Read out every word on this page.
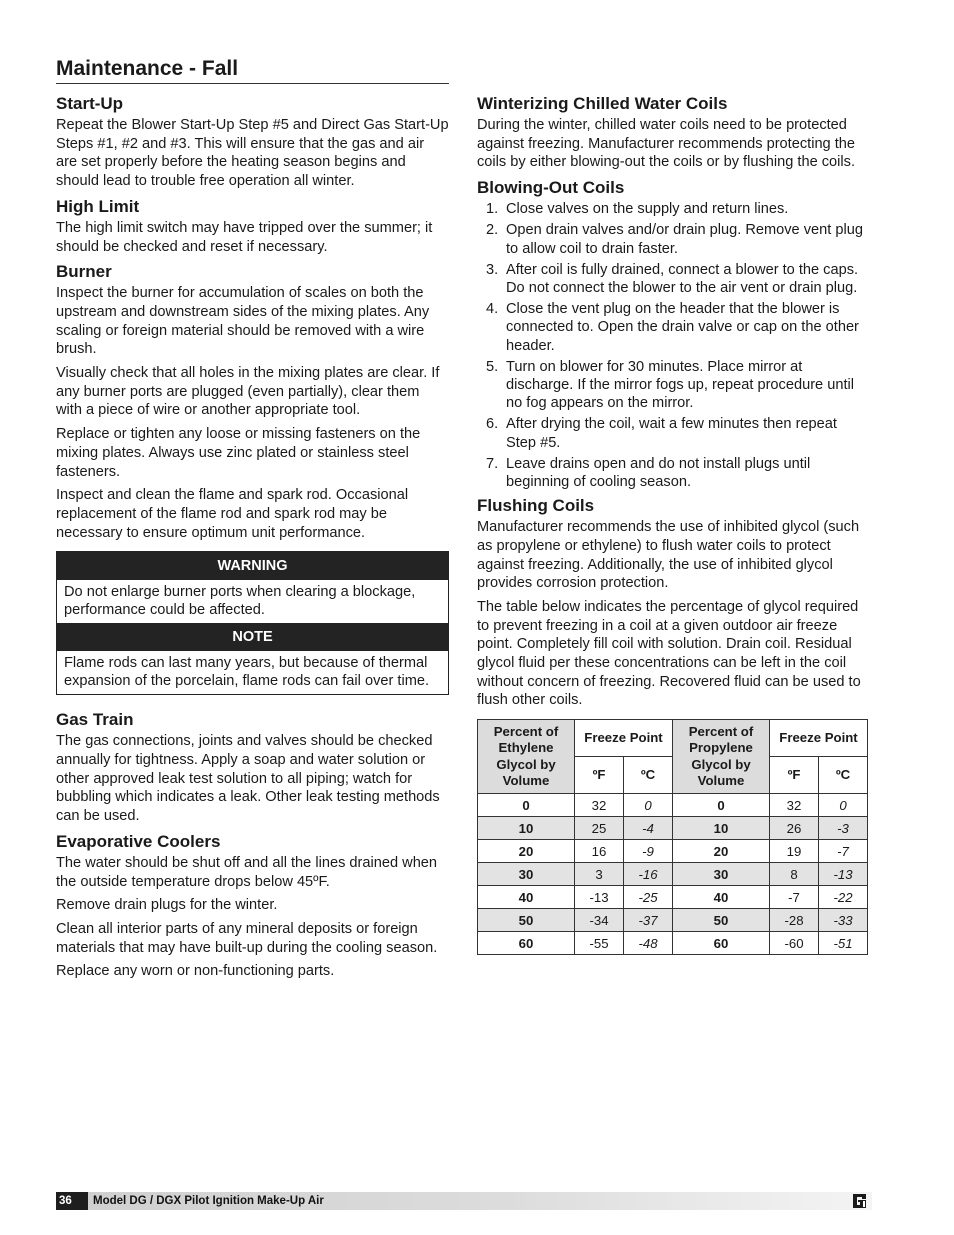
Maintenance - Fall
Start-Up

Repeat the Blower Start-Up Step #5 and Direct Gas Start-Up Steps #1, #2 and #3. This will ensure that the gas and air are set properly before the heating season begins and should lead to trouble free operation all winter.

High Limit

The high limit switch may have tripped over the summer; it should be checked and reset if necessary.

Burner

Inspect the burner for accumulation of scales on both the upstream and downstream sides of the mixing plates. Any scaling or foreign material should be removed with a wire brush.

Visually check that all holes in the mixing plates are clear. If any burner ports are plugged (even partially), clear them with a piece of wire or another appropriate tool.

Replace or tighten any loose or missing fasteners on the mixing plates. Always use zinc plated or stainless steel fasteners.

Inspect and clean the flame and spark rod. Occasional replacement of the flame rod and spark rod may be necessary to ensure optimum unit performance.

WARNING
Do not enlarge burner ports when clearing a blockage, performance could be affected.
NOTE
Flame rods can last many years, but because of thermal expansion of the porcelain, flame rods can fail over time.
Gas Train

The gas connections, joints and valves should be checked annually for tightness. Apply a soap and water solution or other approved leak test solution to all piping; watch for bubbling which indicates a leak. Other leak testing methods can be used.

Evaporative Coolers

The water should be shut off and all the lines drained when the outside temperature drops below 45ºF.

Remove drain plugs for the winter.

Clean all interior parts of any mineral deposits or foreign materials that may have built-up during the cooling season.

Replace any worn or non-functioning parts.

Winterizing Chilled Water Coils

During the winter, chilled water coils need to be protected against freezing. Manufacturer recommends protecting the coils by either blowing-out the coils or by flushing the coils.

Blowing-Out Coils
1. Close valves on the supply and return lines.
2. Open drain valves and/or drain plug. Remove vent plug to allow coil to drain faster.
3. After coil is fully drained, connect a blower to the caps. Do not connect the blower to the air vent or drain plug.
4. Close the vent plug on the header that the blower is connected to. Open the drain valve or cap on the other header.
5. Turn on blower for 30 minutes. Place mirror at discharge. If the mirror fogs up, repeat procedure until no fog appears on the mirror.
6. After drying the coil, wait a few minutes then repeat Step #5.
7. Leave drains open and do not install plugs until beginning of cooling season.
Flushing Coils

Manufacturer recommends the use of inhibited glycol (such as propylene or ethylene) to flush water coils to protect against freezing. Additionally, the use of inhibited glycol provides corrosion protection.

The table below indicates the percentage of glycol required to prevent freezing in a coil at a given outdoor air freeze point. Completely fill coil with solution. Drain coil. Residual glycol fluid per these concentrations can be left in the coil without concern of freezing. Recovered fluid can be used to flush other coils.

Percent of Ethylene Glycol by Volume	Freeze Point		Percent of Propylene Glycol by Volume	Freeze Point	
	ºF	ºC		ºF	ºC
0	32	0	0	32	0
10	25	-4	10	26	-3
20	16	-9	20	19	-7
30	3	-16	30	8	-13
40	-13	-25	40	-7	-22
50	-34	-37	50	-28	-33
60	-55	-48	60	-60	-51
36	Model DG / DGX Pilot Ignition Make-Up Air
